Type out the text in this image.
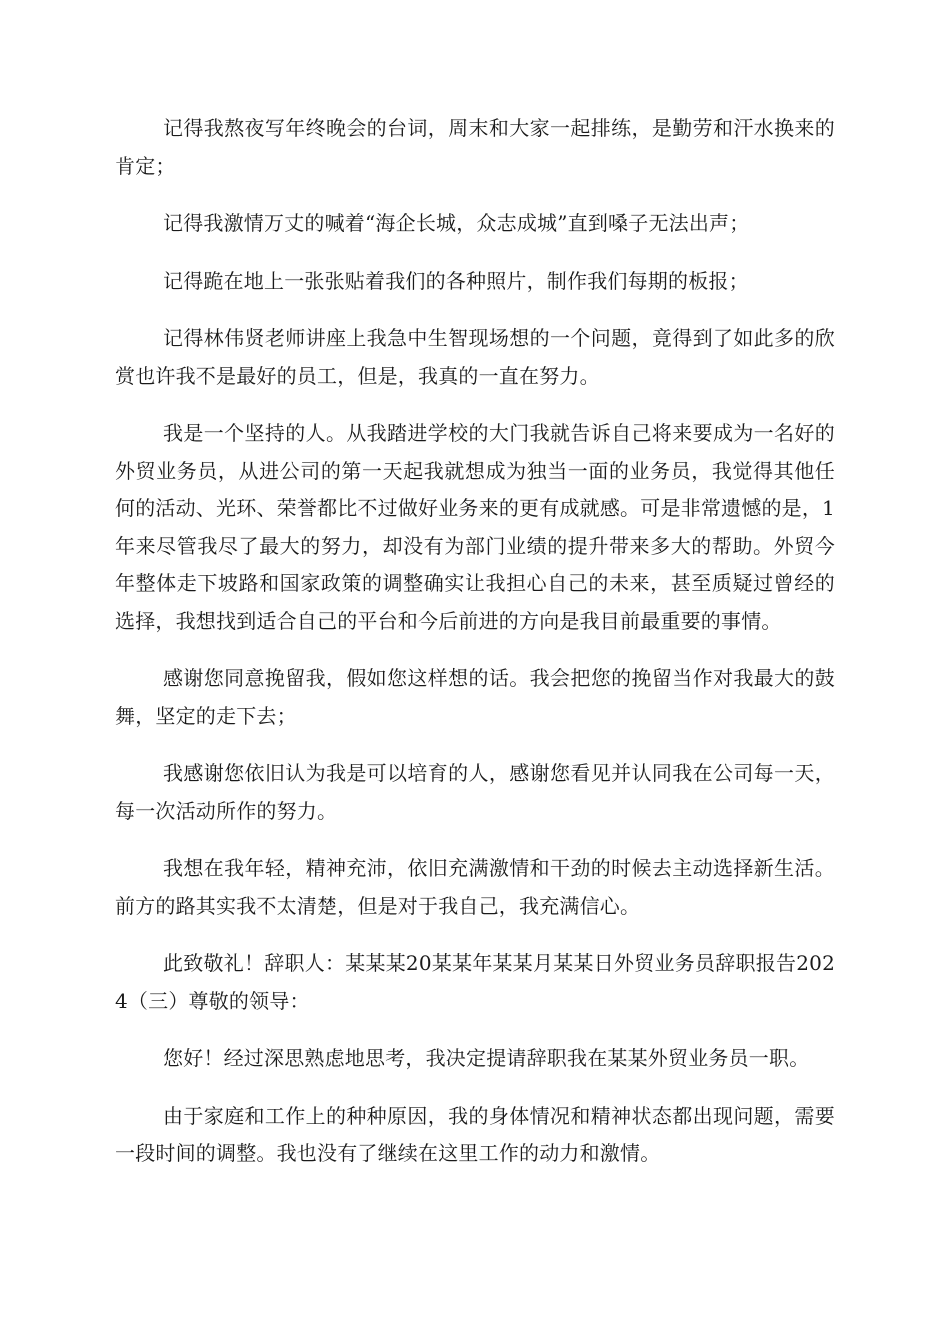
记得我熬夜写年终晚会的台词，周末和大家一起排练，是勤劳和汗水换来的肯定；

记得我激情万丈的喊着“海企长城，众志成城”直到嗓子无法出声；

记得跪在地上一张张贴着我们的各种照片，制作我们每期的板报；

记得林伟贤老师讲座上我急中生智现场想的一个问题，竟得到了如此多的欣赏也许我不是最好的员工，但是，我真的一直在努力。

我是一个坚持的人。从我踏进学校的大门我就告诉自己将来要成为一名好的外贸业务员，从进公司的第一天起我就想成为独当一面的业务员，我觉得其他任何的活动、光环、荣誉都比不过做好业务来的更有成就感。可是非常遗憾的是，1年来尽管我尽了最大的努力，却没有为部门业绩的提升带来多大的帮助。外贸今年整体走下坡路和国家政策的调整确实让我担心自己的未来，甚至质疑过曾经的选择，我想找到适合自己的平台和今后前进的方向是我目前最重要的事情。

感谢您同意挽留我，假如您这样想的话。我会把您的挽留当作对我最大的鼓舞，坚定的走下去；

我感谢您依旧认为我是可以培育的人，感谢您看见并认同我在公司每一天，每一次活动所作的努力。

我想在我年轻，精神充沛，依旧充满激情和干劲的时候去主动选择新生活。前方的路其实我不太清楚，但是对于我自己，我充满信心。

此致敬礼！辞职人：某某某20某某年某某月某某日外贸业务员辞职报告2024（三）尊敬的领导：

您好！经过深思熟虑地思考，我决定提请辞职我在某某外贸业务员一职。

由于家庭和工作上的种种原因，我的身体情况和精神状态都出现问题，需要一段时间的调整。我也没有了继续在这里工作的动力和激情。
